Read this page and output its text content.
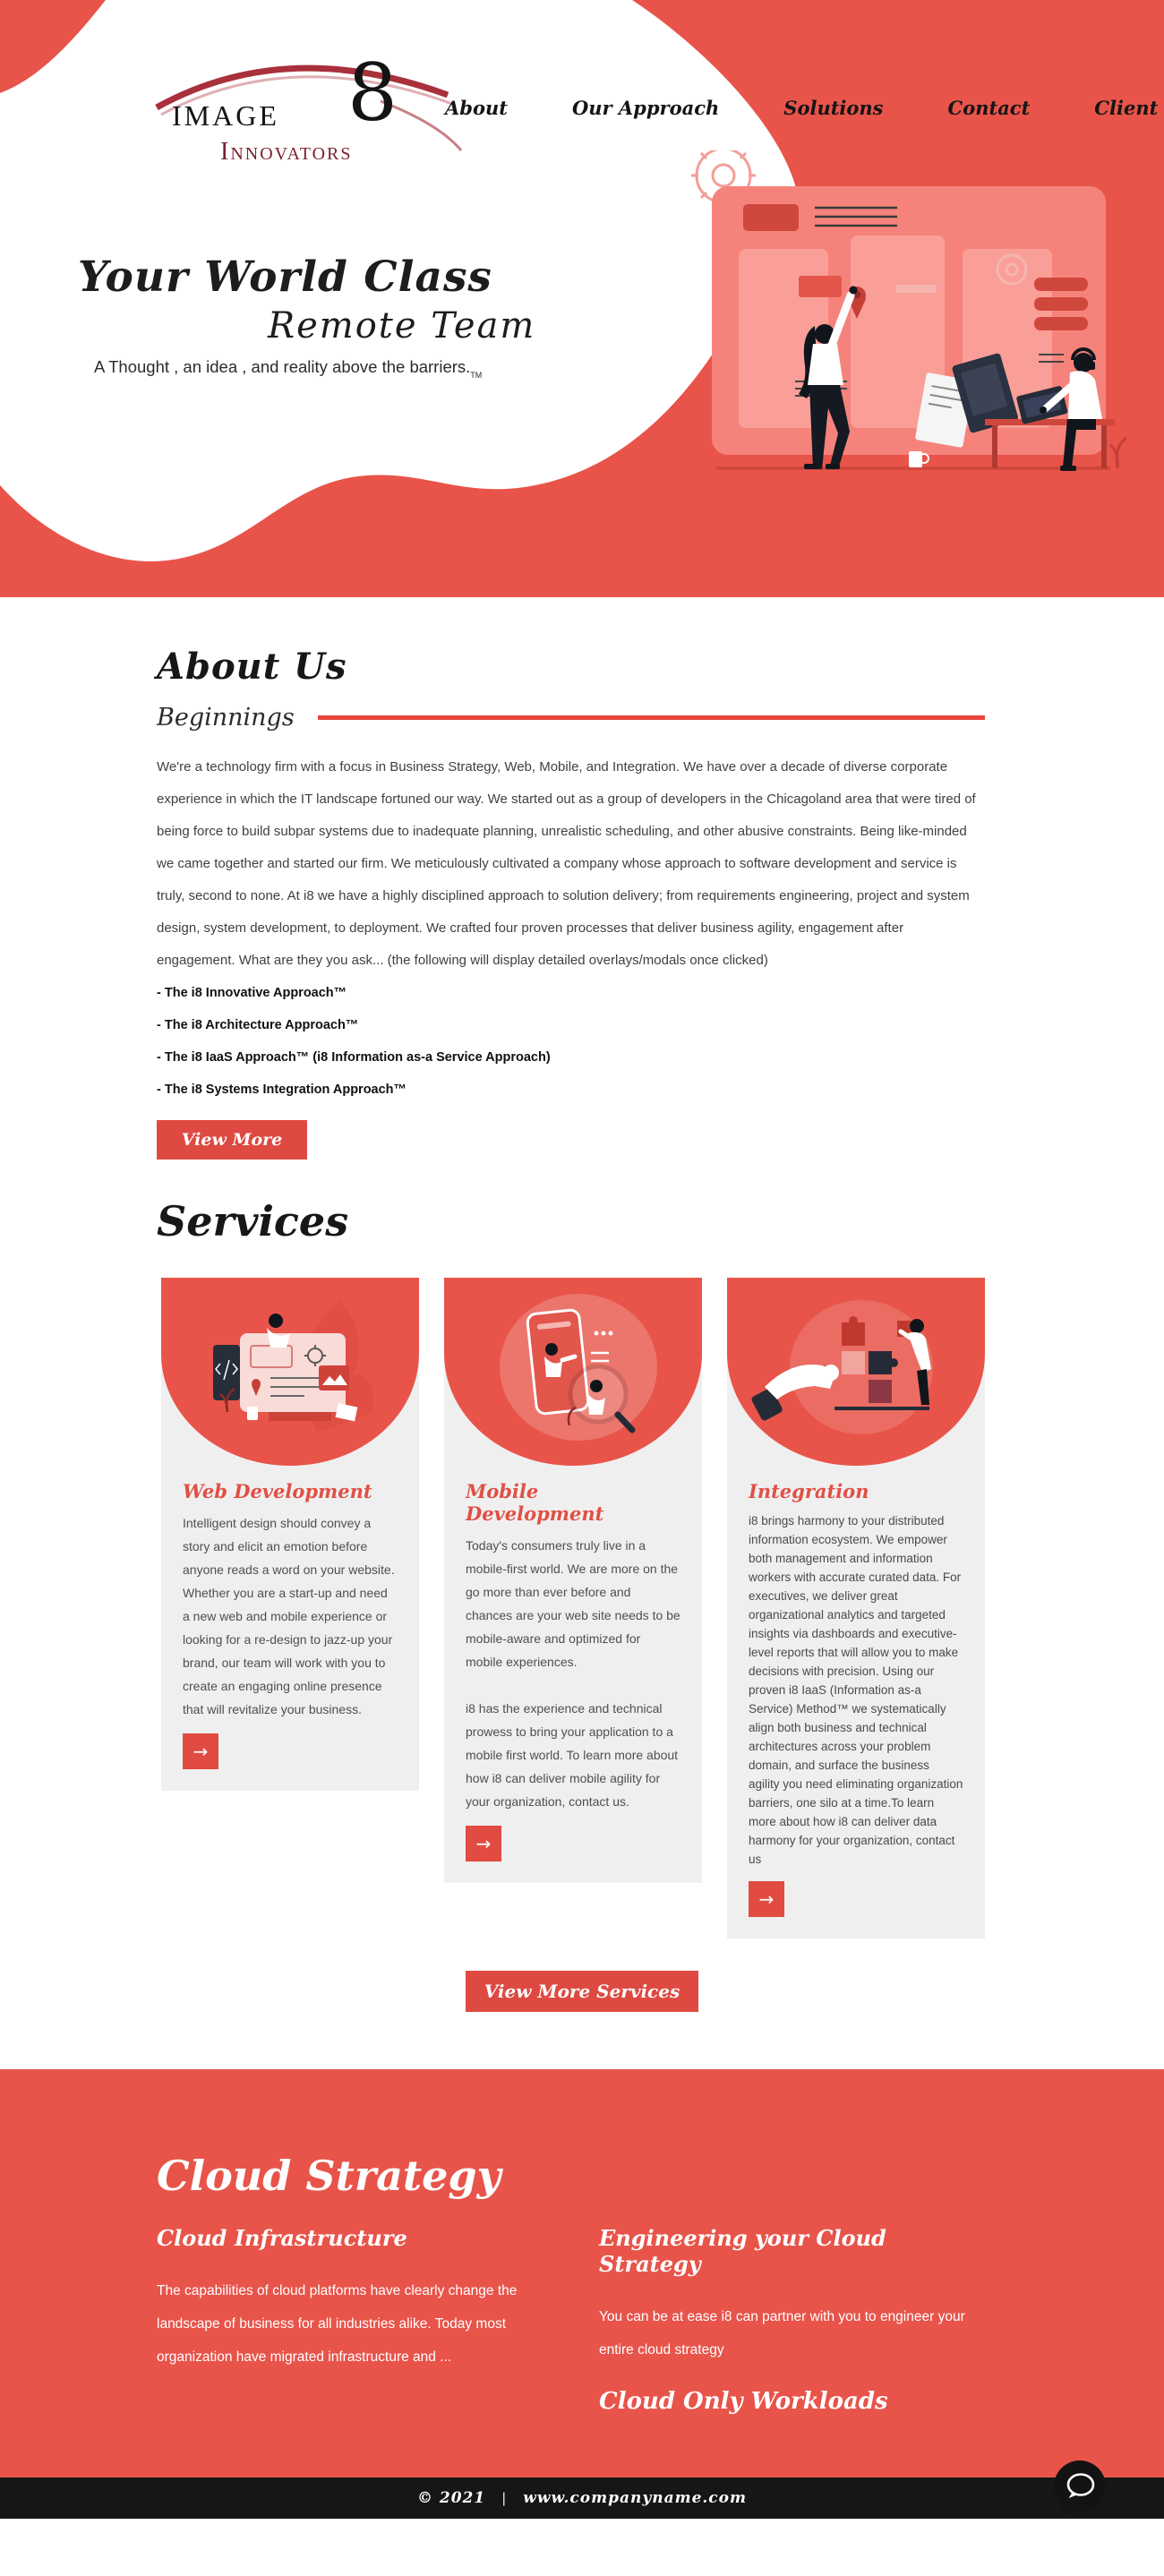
image 8
Innovators
About	Our Approach	Solutions	Contact	Client
Your World Class
Remote Team
A Thought , an idea , and reality above the $barriers._{TM}$
About Us
Beginnings

We're a technology firm with a focus in Business Strategy, Web, Mobile, and Integration. We have over a decade of diverse corporate experience in which the IT landscape fortuned our way. We started out as a group of developers in the Chicagoland area that were tired of being force to build subpar systems due to inadequate planning, unrealistic scheduling, and other abusive constraints. Being like-minded we came together and started our firm. We meticulously cultivated a company whose approach to software development and service is truly, second to none. At i8 we have a highly disciplined approach to solution delivery; from requirements engineering, project and system design, system development, to deployment. We crafted four proven processes that deliver business agility, engagement after engagement. What are they you ask... (the following will display detailed overlays/modals once clicked)

- The i8 Innovative Approach™
- The i8 Architecture Approach™
- The i8 IaaS Approach™ (i8 Information as-a Service Approach)
- The i8 Systems Integration Approach™
View More
Services
Web Development

Intelligent design should convey a story and elicit an emotion before anyone reads a word on your website. Whether you are a start-up and need a new web and mobile experience or looking for a re-design to jazz-up your brand, our team will work with you to create an engaging online presence that will revitalize your business.

→
Mobile Development

Today's consumers truly live in a mobile-first world. We are more on the go more than ever before and chances are your web site needs to be mobile-aware and optimized for mobile experiences.

i8 has the experience and technical prowess to bring your application to a mobile first world. To learn more about how i8 can deliver mobile agility for your organization, contact us.

→
Integration

i8 brings harmony to your distributed information ecosystem. We empower both management and information workers with accurate curated data. For executives, we deliver great organizational analytics and targeted insights via dashboards and executive-level reports that will allow you to make decisions with precision. Using our proven i8 IaaS (Information as-a Service) Method™ we systematically align both business and technical architectures across your problem domain, and surface the business agility you need eliminating organization barriers, one silo at a time.To learn more about how i8 can deliver data harmony for your organization, contact us

→
View More Services
Cloud Strategy
Cloud Infrastructure

The capabilities of cloud platforms have clearly change the landscape of business for all industries alike. Today most organization have migrated infrastructure and ...

Engineering your Cloud Strategy

You can be at ease i8 can partner with you to engineer your entire cloud strategy

Cloud Only Workloads
© 2021 | www.companyname.com
